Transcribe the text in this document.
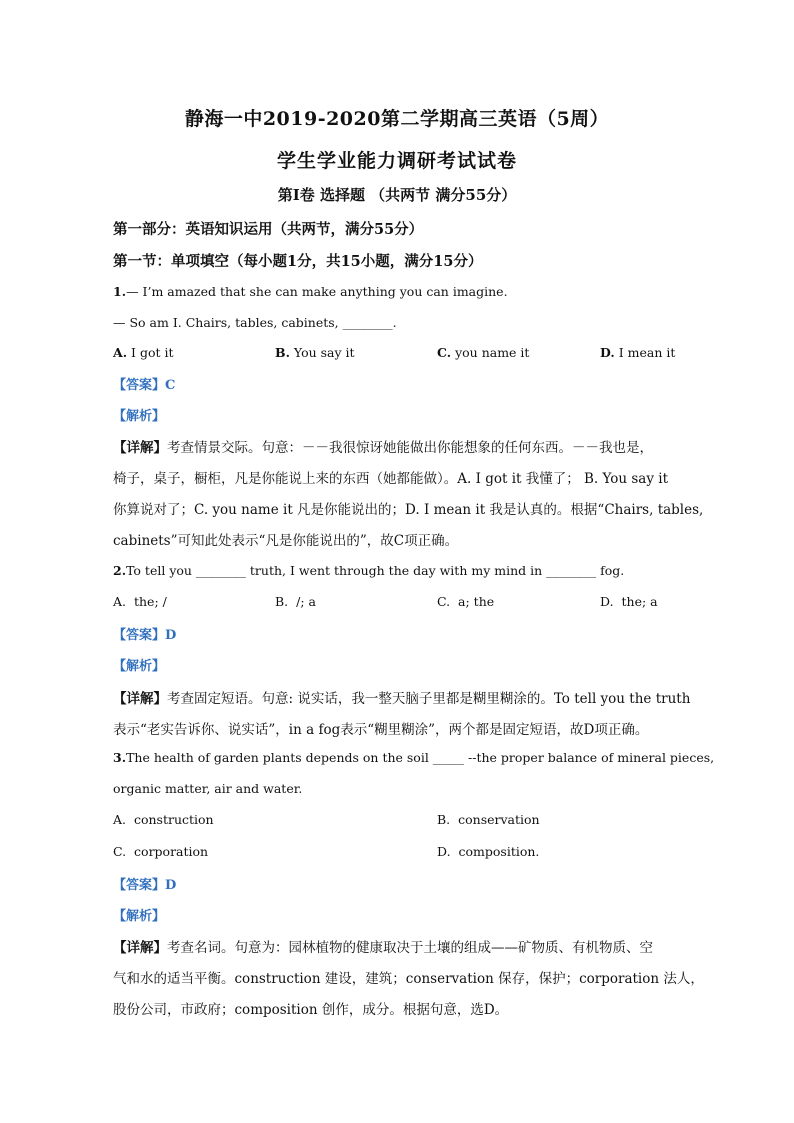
静海一中2019-2020第二学期高三英语（5周）
学生学业能力调研考试试卷
第I卷 选择题 （共两节 满分55分）
第一部分：英语知识运用（共两节，满分55分）
第一节：单项填空（每小题1分，共15小题，满分15分）
1.— I’m amazed that she can make anything you can imagine.
— So am I. Chairs, tables, cabinets, ________.
A. I got it	B. You say it	C. you name it	D. I mean it
【答案】C
【解析】
【详解】考查情景交际。句意：－－我很惊讶她能做出你能想象的任何东西。－－我也是，
椅子，桌子，橱柜，凡是你能说上来的东西（她都能做）。A. I got it 我懂了； B. You say it
你算说对了；C. you name it 凡是你能说出的；D. I mean it 我是认真的。根据“Chairs, tables,
cabinets”可知此处表示“凡是你能说出的”，故C项正确。
2.To tell you ________ truth, I went through the day with my mind in ________ fog.
A. the; /	B. /; a	C. a; the	D. the; a
【答案】D
【解析】
【详解】考查固定短语。句意: 说实话，我一整天脑子里都是糊里糊涂的。To tell you the truth
表示“老实告诉你、说实话”，in a fog表示“糊里糊涂”，两个都是固定短语，故D项正确。
3.The health of garden plants depends on the soil _____ --the proper balance of mineral pieces,
organic matter, air and water.
A. construction	B. conservation
C. corporation	D. composition.
【答案】D
【解析】
【详解】考查名词。句意为：园林植物的健康取决于土壤的组成——矿物质、有机物质、空
气和水的适当平衡。construction 建设，建筑；conservation 保存，保护；corporation 法人，
股份公司，市政府；composition 创作，成分。根据句意，选D。
